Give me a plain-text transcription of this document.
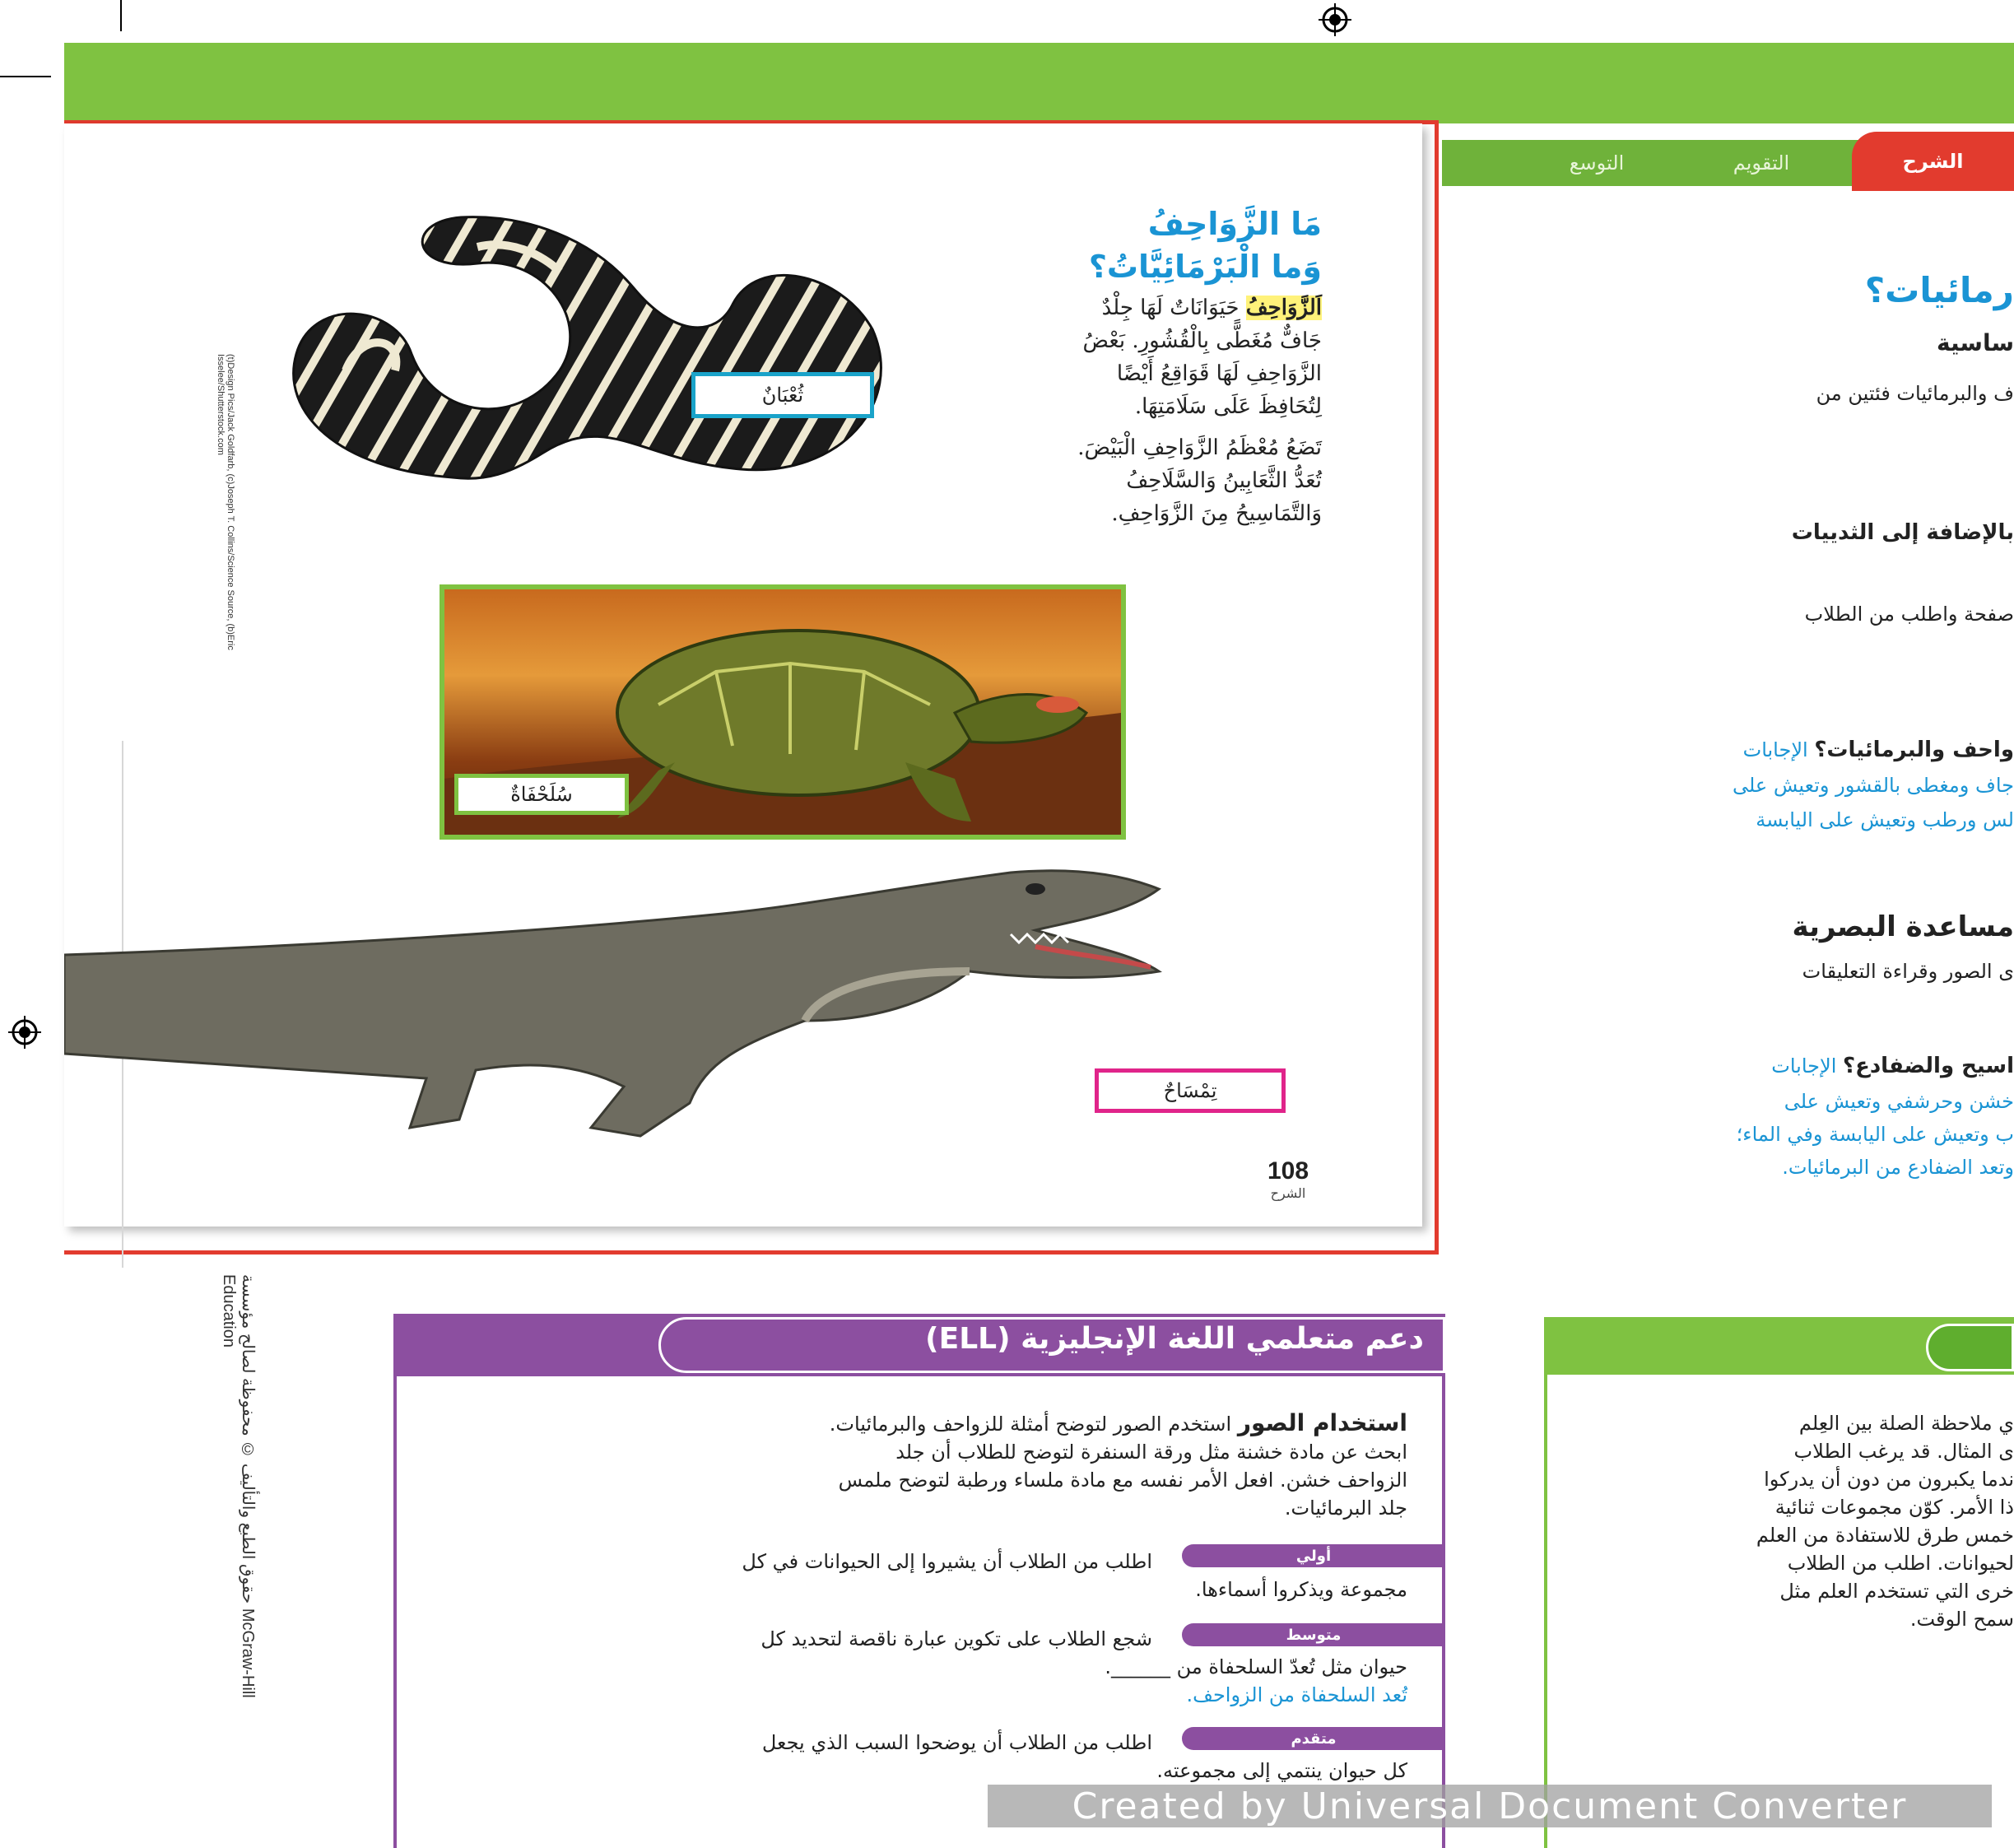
التوسع	التقويم	الشرح
ثُعْبَانٌ
مَا الزَّوَاحِفُ
وَما الْبَرْمَائِيَّاتُ؟
اَلزَّوَاحِفُ حَيَوَانَاتٌ لَهَا جِلْدٌ
جَافٌّ مُغَطًّى بِالْقُشُورِ. بَعْضُ
الزَّوَاحِفِ لَهَا قَوَاقِعُ أَيْضًا
لِتُحَافِظَ عَلَى سَلَامَتِهَا.
تَضَعُ مُعْظَمُ الزَّوَاحِفِ الْبَيْضَ.
تُعَدُّ الثَّعَابِينُ وَالسَّلَاحِفُ
وَالتَّمَاسِيحُ مِنَ الزَّوَاحِفِ.
(t)Design Pics/Jack Goldfarb, (c)Joseph T. Collins/Science Source, (b)Eric Isselee/Shutterstock.com
سُلَحْفَاةٌ
تِمْسَاحٌ
108
الشرح
حقوق الطبع والتأليف © محفوظة لصالح مؤسسة McGraw-Hill Education
رمائيات؟
ساسية
ف والبرمائيات فئتين من
بالإضافة إلى الثدييات
صفحة واطلب من الطلاب
واحف والبرمائيات؟ الإجابات
جاف ومغطى بالقشور وتعيش على
لس ورطب وتعيش على اليابسة
مساعدة البصرية
ى الصور وقراءة التعليقات
اسيح والضفادع؟ الإجابات
خشن وحرشفي وتعيش على
ب وتعيش على اليابسة وفي الماء؛
وتعد الضفادع من البرمائيات.
دعم متعلمي اللغة الإنجليزية (ELL)
استخدام الصور استخدم الصور لتوضح أمثلة للزواحف والبرمائيات.
ابحث عن مادة خشنة مثل ورقة السنفرة لتوضح للطلاب أن جلد
الزواحف خشن. افعل الأمر نفسه مع مادة ملساء ورطبة لتوضح ملمس
جلد البرمائيات.
أولي
اطلب من الطلاب أن يشيروا إلى الحيوانات في كل
مجموعة ويذكروا أسماءها.
متوسط
شجع الطلاب على تكوين عبارة ناقصة لتحديد كل
حيوان مثل تُعدّ السلحفاة من ______.
تُعد السلحفاة من الزواحف.
متقدم
اطلب من الطلاب أن يوضحوا السبب الذي يجعل
كل حيوان ينتمي إلى مجموعته.
ي ملاحظة الصلة بين العِلم
ى المثال. قد يرغب الطلاب
ندما يكبرون من دون أن يدركوا
ذا الأمر. كوّن مجموعات ثنائية
خمس طرق للاستفادة من العلم
لحيوانات. اطلب من الطلاب
خرى التي تستخدم العلم مثل
سمح الوقت.
Created by Universal Document Converter
